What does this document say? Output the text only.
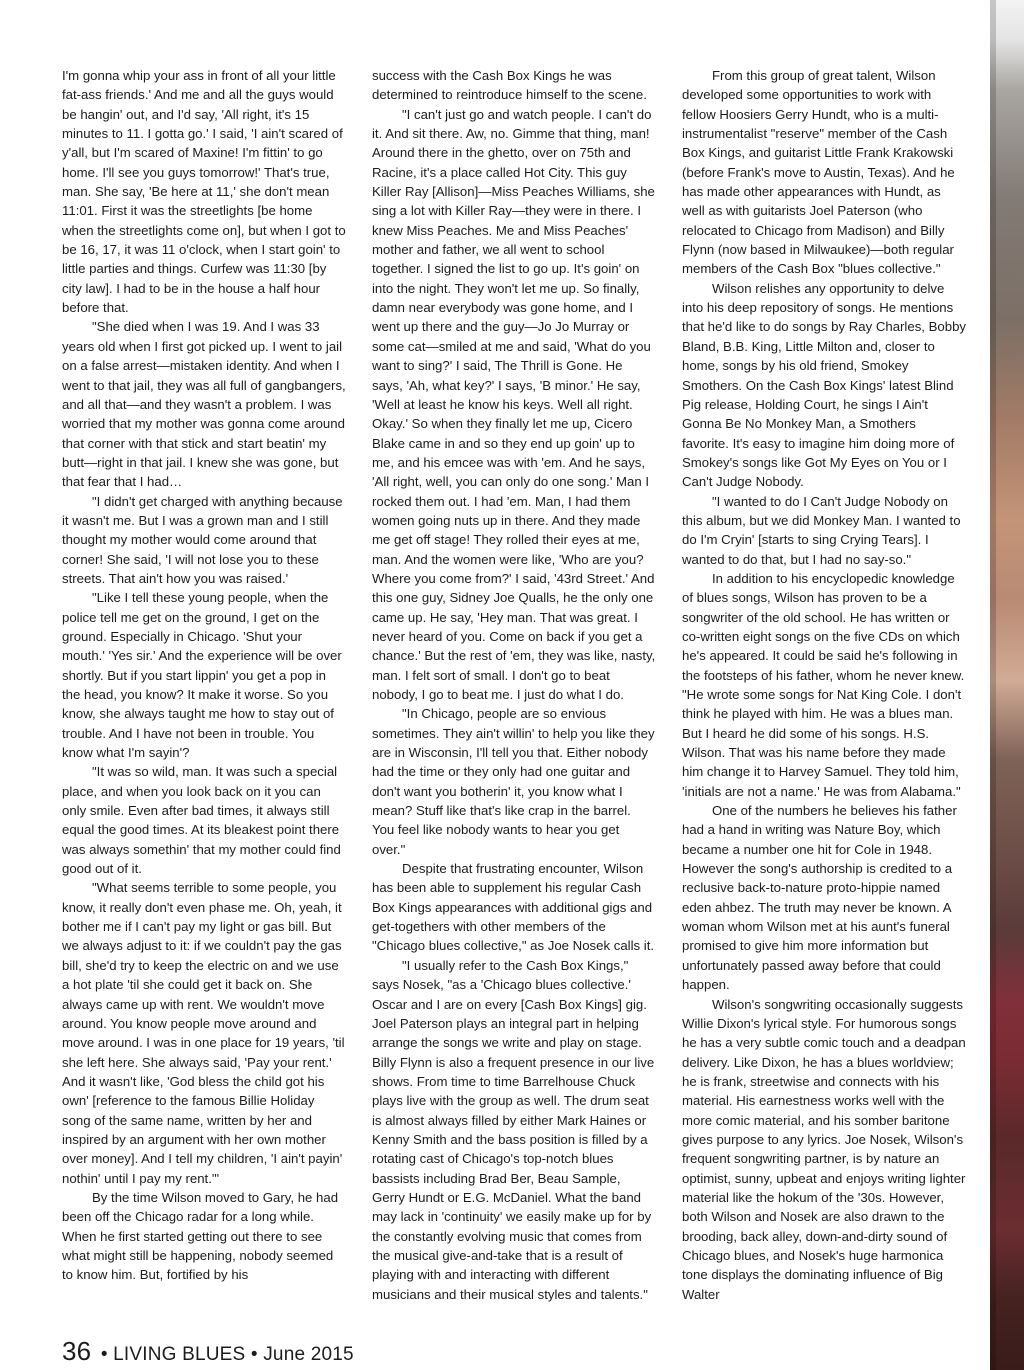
I'm gonna whip your ass in front of all your little fat-ass friends.' And me and all the guys would be hangin' out, and I'd say, 'All right, it's 15 minutes to 11. I gotta go.' I said, 'I ain't scared of y'all, but I'm scared of Maxine! I'm fittin' to go home. I'll see you guys tomorrow!' That's true, man. She say, 'Be here at 11,' she don't mean 11:01. First it was the streetlights [be home when the streetlights come on], but when I got to be 16, 17, it was 11 o'clock, when I start goin' to little parties and things. Curfew was 11:30 [by city law]. I had to be in the house a half hour before that.

"She died when I was 19. And I was 33 years old when I first got picked up. I went to jail on a false arrest—mistaken identity. And when I went to that jail, they was all full of gangbangers, and all that—and they wasn't a problem. I was worried that my mother was gonna come around that corner with that stick and start beatin' my butt—right in that jail. I knew she was gone, but that fear that I had…

"I didn't get charged with anything because it wasn't me. But I was a grown man and I still thought my mother would come around that corner! She said, 'I will not lose you to these streets. That ain't how you was raised.'

"Like I tell these young people, when the police tell me get on the ground, I get on the ground. Especially in Chicago. 'Shut your mouth.' 'Yes sir.' And the experience will be over shortly. But if you start lippin' you get a pop in the head, you know? It make it worse. So you know, she always taught me how to stay out of trouble. And I have not been in trouble. You know what I'm sayin'?

"It was so wild, man. It was such a special place, and when you look back on it you can only smile. Even after bad times, it always still equal the good times. At its bleakest point there was always somethin' that my mother could find good out of it.

"What seems terrible to some people, you know, it really don't even phase me. Oh, yeah, it bother me if I can't pay my light or gas bill. But we always adjust to it: if we couldn't pay the gas bill, she'd try to keep the electric on and we use a hot plate 'til she could get it back on. She always came up with rent. We wouldn't move around. You know people move around and move around. I was in one place for 19 years, 'til she left here. She always said, 'Pay your rent.' And it wasn't like, 'God bless the child got his own' [reference to the famous Billie Holiday song of the same name, written by her and inspired by an argument with her own mother over money]. And I tell my children, 'I ain't payin' nothin' until I pay my rent.'"

By the time Wilson moved to Gary, he had been off the Chicago radar for a long while. When he first started getting out there to see what might still be happening, nobody seemed to know him. But, fortified by his

success with the Cash Box Kings he was determined to reintroduce himself to the scene.

"I can't just go and watch people. I can't do it. And sit there. Aw, no. Gimme that thing, man! Around there in the ghetto, over on 75th and Racine, it's a place called Hot City. This guy Killer Ray [Allison]—Miss Peaches Williams, she sing a lot with Killer Ray—they were in there. I knew Miss Peaches. Me and Miss Peaches' mother and father, we all went to school together. I signed the list to go up. It's goin' on into the night. They won't let me up. So finally, damn near everybody was gone home, and I went up there and the guy—Jo Jo Murray or some cat—smiled at me and said, 'What do you want to sing?' I said, The Thrill is Gone. He says, 'Ah, what key?' I says, 'B minor.' He say, 'Well at least he know his keys. Well all right. Okay.' So when they finally let me up, Cicero Blake came in and so they end up goin' up to me, and his emcee was with 'em. And he says, 'All right, well, you can only do one song.' Man I rocked them out. I had 'em. Man, I had them women going nuts up in there. And they made me get off stage! They rolled their eyes at me, man. And the women were like, 'Who are you? Where you come from?' I said, '43rd Street.' And this one guy, Sidney Joe Qualls, he the only one came up. He say, 'Hey man. That was great. I never heard of you. Come on back if you get a chance.' But the rest of 'em, they was like, nasty, man. I felt sort of small. I don't go to beat nobody, I go to beat me. I just do what I do.

"In Chicago, people are so envious sometimes. They ain't willin' to help you like they are in Wisconsin, I'll tell you that. Either nobody had the time or they only had one guitar and don't want you botherin' it, you know what I mean? Stuff like that's like crap in the barrel. You feel like nobody wants to hear you get over."

Despite that frustrating encounter, Wilson has been able to supplement his regular Cash Box Kings appearances with additional gigs and get-togethers with other members of the "Chicago blues collective," as Joe Nosek calls it.

"I usually refer to the Cash Box Kings," says Nosek, "as a 'Chicago blues collective.' Oscar and I are on every [Cash Box Kings] gig. Joel Paterson plays an integral part in helping arrange the songs we write and play on stage. Billy Flynn is also a frequent presence in our live shows. From time to time Barrelhouse Chuck plays live with the group as well. The drum seat is almost always filled by either Mark Haines or Kenny Smith and the bass position is filled by a rotating cast of Chicago's top-notch blues bassists including Brad Ber, Beau Sample, Gerry Hundt or E.G. McDaniel. What the band may lack in 'continuity' we easily make up for by the constantly evolving music that comes from the musical give-and-take that is a result of playing with and interacting with different musicians and their musical styles and talents."

From this group of great talent, Wilson developed some opportunities to work with fellow Hoosiers Gerry Hundt, who is a multi-instrumentalist "reserve" member of the Cash Box Kings, and guitarist Little Frank Krakowski (before Frank's move to Austin, Texas). And he has made other appearances with Hundt, as well as with guitarists Joel Paterson (who relocated to Chicago from Madison) and Billy Flynn (now based in Milwaukee)—both regular members of the Cash Box "blues collective."

Wilson relishes any opportunity to delve into his deep repository of songs. He mentions that he'd like to do songs by Ray Charles, Bobby Bland, B.B. King, Little Milton and, closer to home, songs by his old friend, Smokey Smothers. On the Cash Box Kings' latest Blind Pig release, Holding Court, he sings I Ain't Gonna Be No Monkey Man, a Smothers favorite. It's easy to imagine him doing more of Smokey's songs like Got My Eyes on You or I Can't Judge Nobody.

"I wanted to do I Can't Judge Nobody on this album, but we did Monkey Man. I wanted to do I'm Cryin' [starts to sing Crying Tears]. I wanted to do that, but I had no say-so."

In addition to his encyclopedic knowledge of blues songs, Wilson has proven to be a songwriter of the old school. He has written or co-written eight songs on the five CDs on which he's appeared. It could be said he's following in the footsteps of his father, whom he never knew. "He wrote some songs for Nat King Cole. I don't think he played with him. He was a blues man. But I heard he did some of his songs. H.S. Wilson. That was his name before they made him change it to Harvey Samuel. They told him, 'initials are not a name.' He was from Alabama."

One of the numbers he believes his father had a hand in writing was Nature Boy, which became a number one hit for Cole in 1948. However the song's authorship is credited to a reclusive back-to-nature proto-hippie named eden ahbez. The truth may never be known. A woman whom Wilson met at his aunt's funeral promised to give him more information but unfortunately passed away before that could happen.

Wilson's songwriting occasionally suggests Willie Dixon's lyrical style. For humorous songs he has a very subtle comic touch and a deadpan delivery. Like Dixon, he has a blues worldview; he is frank, streetwise and connects with his material. His earnestness works well with the more comic material, and his somber baritone gives purpose to any lyrics. Joe Nosek, Wilson's frequent songwriting partner, is by nature an optimist, sunny, upbeat and enjoys writing lighter material like the hokum of the '30s. However, both Wilson and Nosek are also drawn to the brooding, back alley, down-and-dirty sound of Chicago blues, and Nosek's huge harmonica tone displays the dominating influence of Big Walter

36 • LIVING BLUES • June 2015
